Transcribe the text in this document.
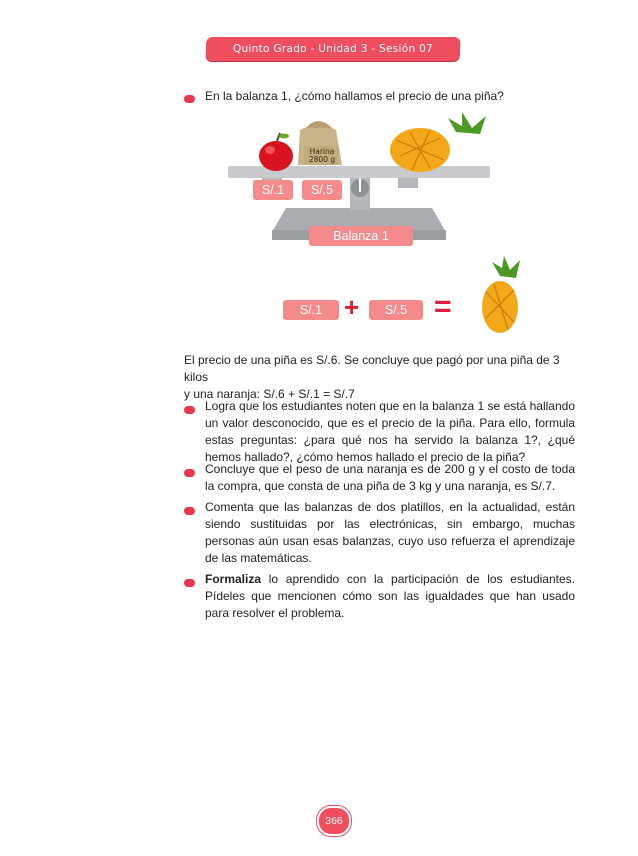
Quinto Grado - Unidad 3 - Sesión 07
En la balanza 1, ¿cómo hallamos el precio de una piña?
Harina
2800 g
S/.1	S/.5
Balanza 1
S/.1 +	S/.5 =
El precio de una piña es S/.6. Se concluye que pagó por una piña de 3 kilos
y una naranja: S/.6 + S/.1 = S/.7
Logra que los estudiantes noten que en la balanza 1 se está hallando un valor desconocido, que es el precio de la piña. Para ello, formula estas preguntas: ¿para qué nos ha servido la balanza 1?, ¿qué hemos hallado?, ¿cómo hemos hallado el precio de la piña?
Concluye que el peso de una naranja es de 200 g y el costo de toda la compra, que consta de una piña de 3 kg y una naranja, es S/.7.
Comenta que las balanzas de dos platillos, en la actualidad, están siendo sustituidas por las electrónicas, sin embargo, muchas personas aún usan esas balanzas, cuyo uso refuerza el aprendizaje de las matemáticas.
Formaliza lo aprendido con la participación de los estudiantes. Pídeles que mencionen cómo son las igualdades que han usado para resolver el problema.
366
